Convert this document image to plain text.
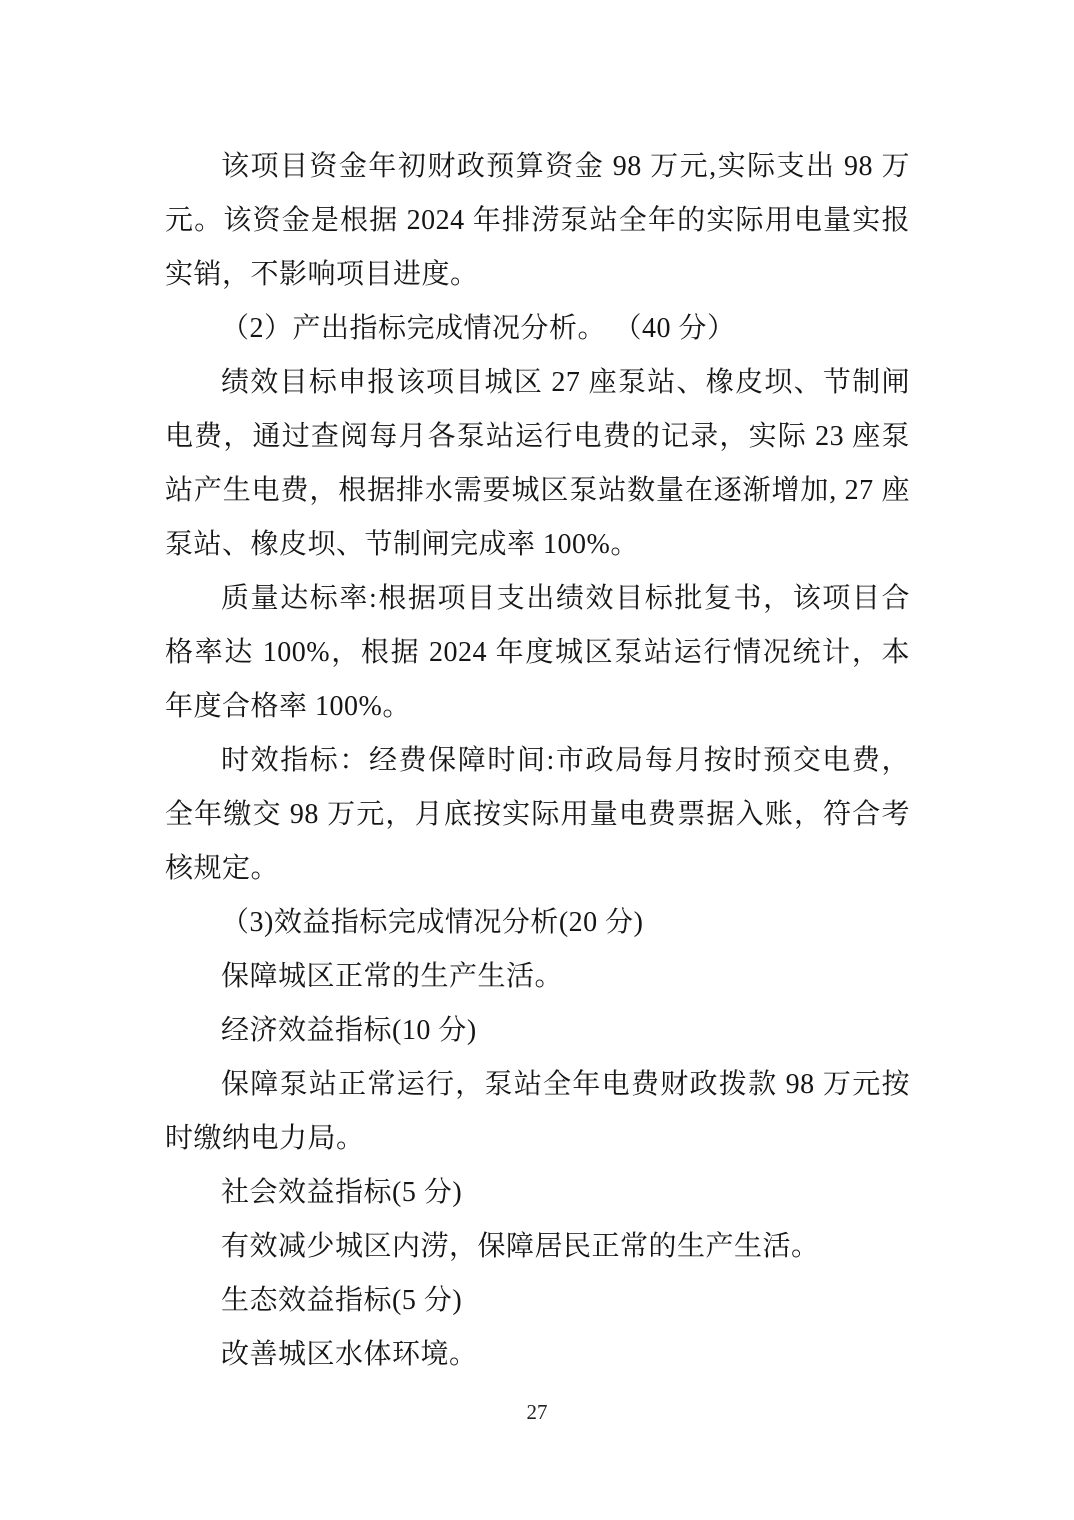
该项目资金年初财政预算资金 98 万元,实际支出 98 万元。该资金是根据 2024 年排涝泵站全年的实际用电量实报实销，不影响项目进度。

（2）产出指标完成情况分析。 （40 分）

绩效目标申报该项目城区 27 座泵站、橡皮坝、节制闸电费，通过查阅每月各泵站运行电费的记录，实际 23 座泵站产生电费，根据排水需要城区泵站数量在逐渐增加, 27 座泵站、橡皮坝、节制闸完成率 100%。

质量达标率:根据项目支出绩效目标批复书，该项目合格率达 100%，根据 2024 年度城区泵站运行情况统计，本年度合格率 100%。

时效指标：经费保障时间:市政局每月按时预交电费，全年缴交 98 万元，月底按实际用量电费票据入账，符合考核规定。

（3)效益指标完成情况分析(20 分)

保障城区正常的生产生活。

经济效益指标(10 分)

保障泵站正常运行，泵站全年电费财政拨款 98 万元按时缴纳电力局。

社会效益指标(5 分)

有效减少城区内涝，保障居民正常的生产生活。

生态效益指标(5 分)

改善城区水体环境。

27
